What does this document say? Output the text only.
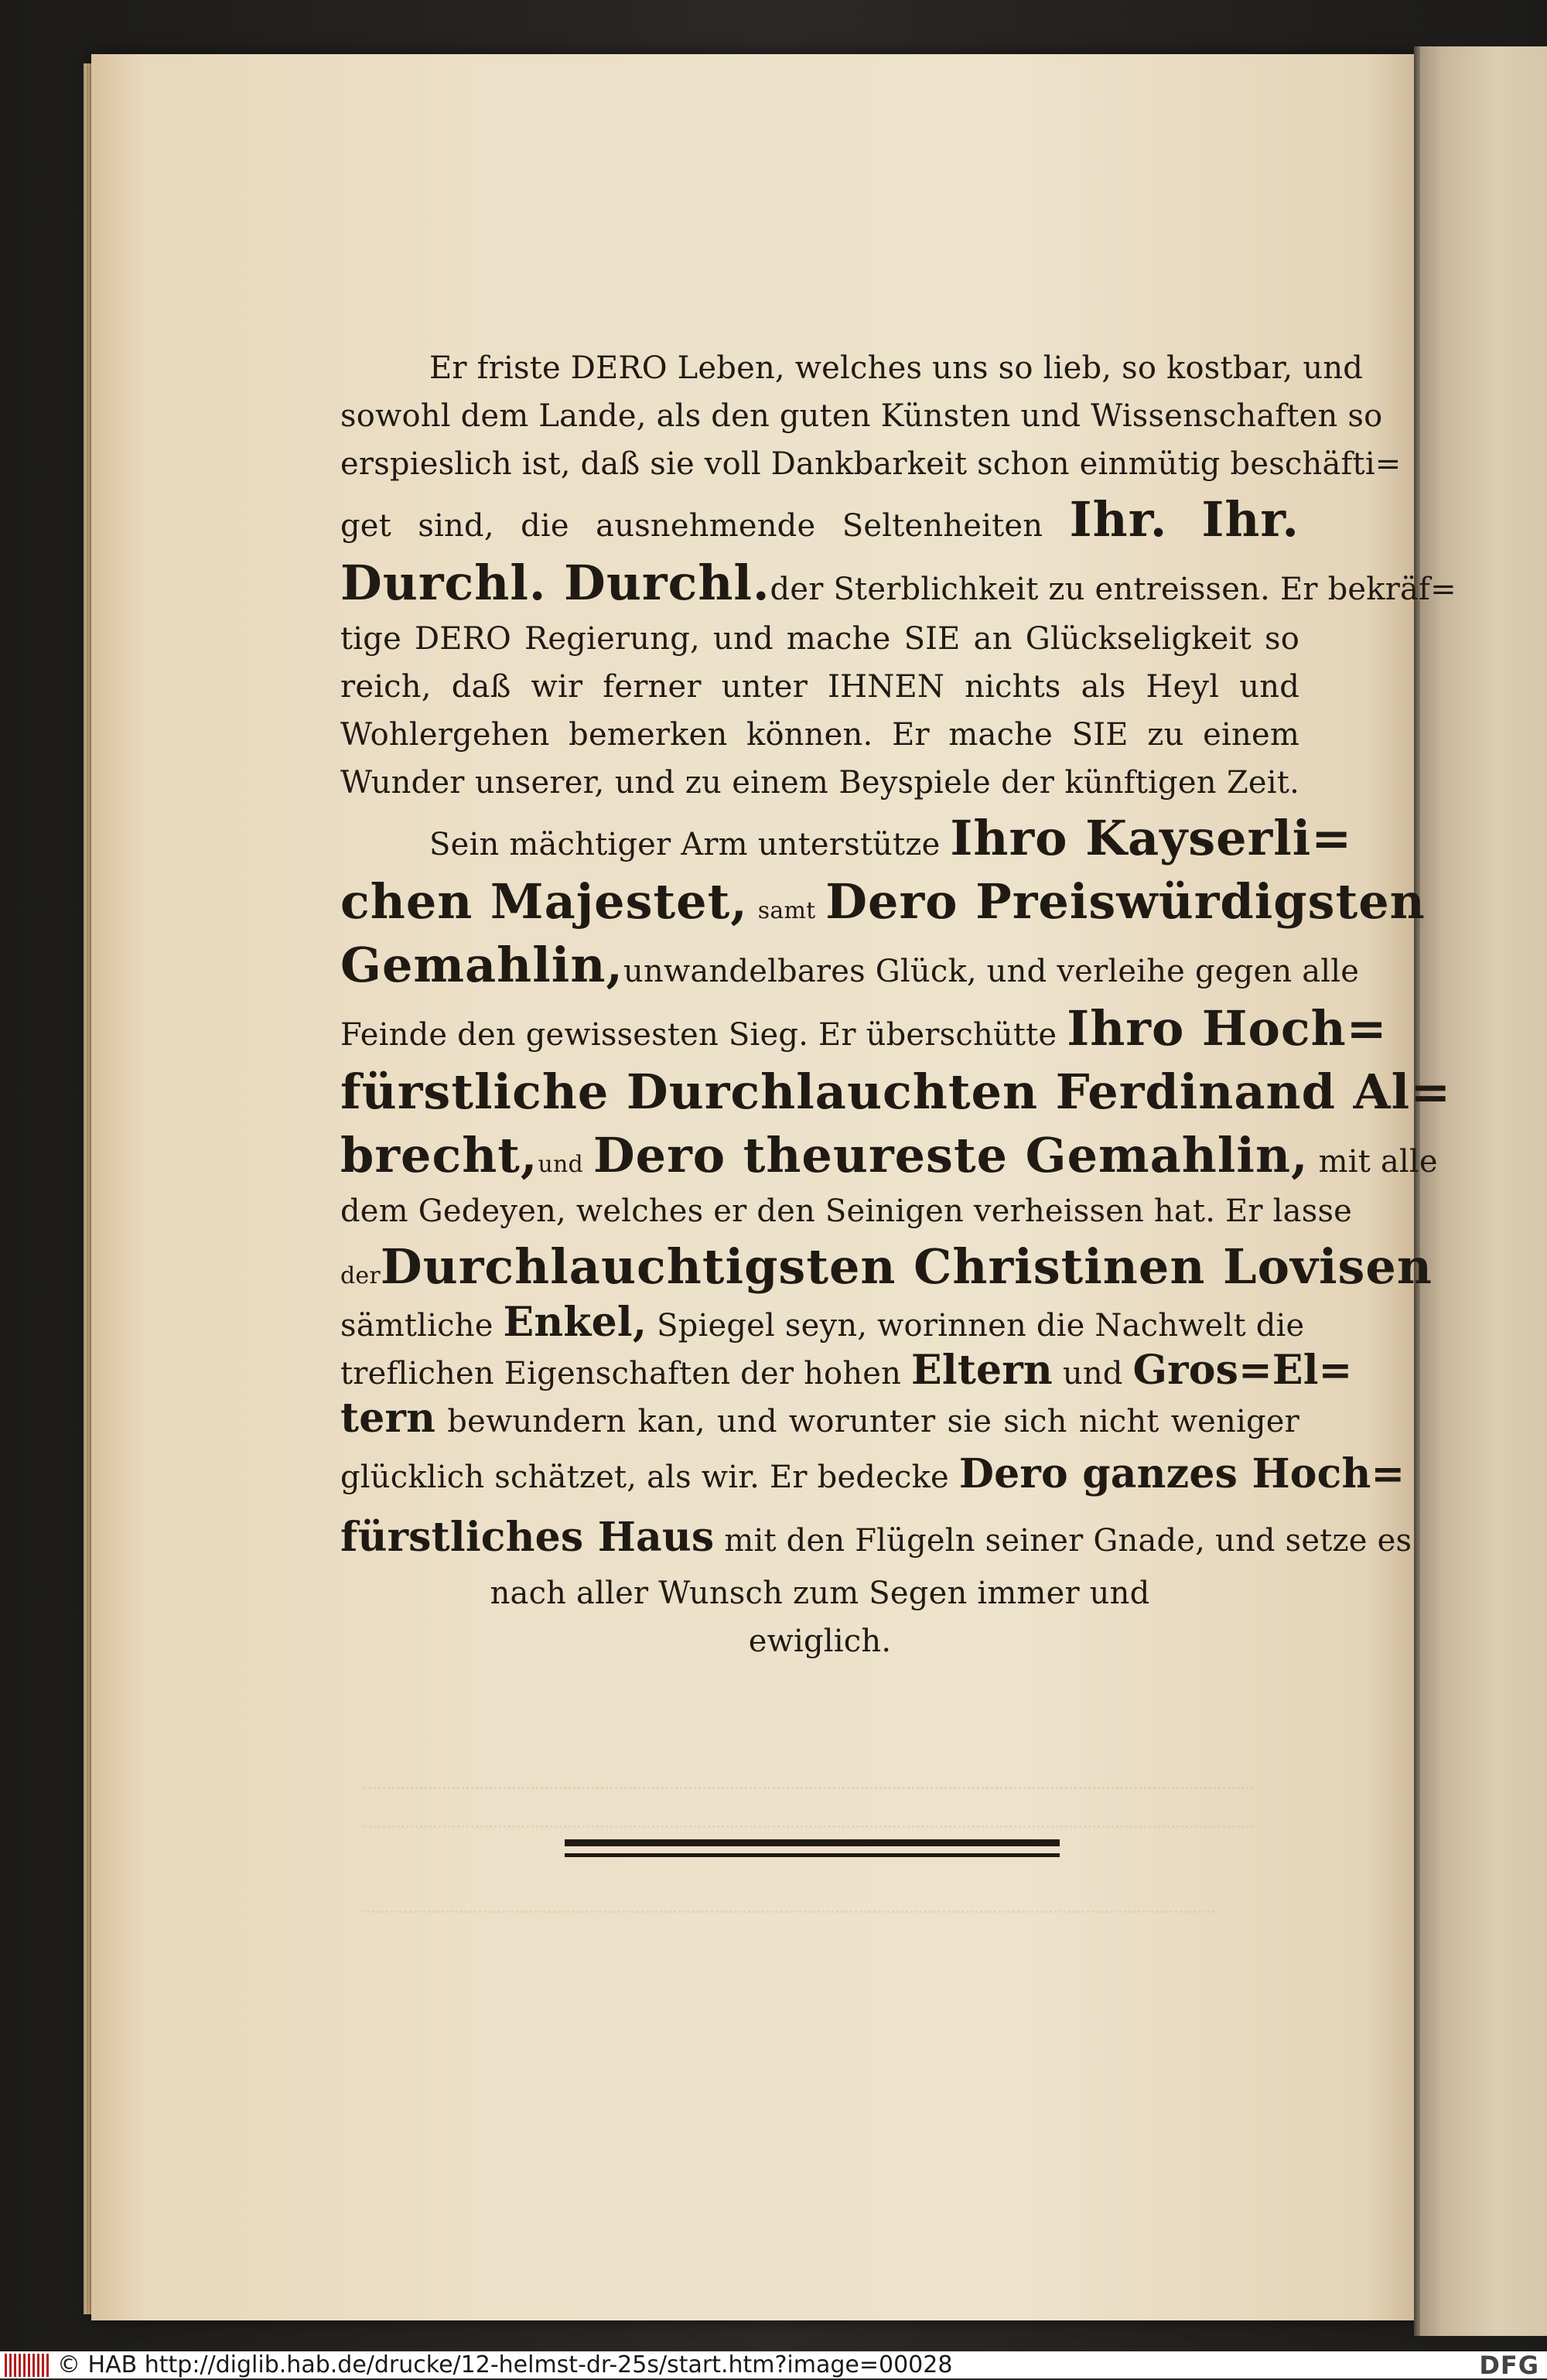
Er friste DERO Leben, welches uns so lieb, so kostbar, und
sowohl dem Lande, als den guten Künsten und Wissenschaften so
erspieslich ist, daß sie voll Dankbarkeit schon einmütig beschäfti=
get sind, die ausnehmende Seltenheiten Ihr. Ihr.
Durchl. Durchl.der Sterblichkeit zu entreissen. Er bekräf=
tige DERO Regierung, und mache SIE an Glückseligkeit so
reich, daß wir ferner unter IHNEN nichts als Heyl und
Wohlergehen bemerken können. Er mache SIE zu einem
Wunder unserer, und zu einem Beyspiele der künftigen Zeit.
Sein mächtiger Arm unterstütze Ihro Kayserli=
chen Majestet, samt Dero Preiswürdigsten
Gemahlin,unwandelbares Glück, und verleihe gegen alle
Feinde den gewissesten Sieg. Er überschütte Ihro Hoch=
fürstliche Durchlauchten Ferdinand Al=
brecht,und Dero theureste Gemahlin, mit alle
dem Gedeyen, welches er den Seinigen verheissen hat. Er lasse
derDurchlauchtigsten Christinen Lovisen
sämtliche Enkel, Spiegel seyn, worinnen die Nachwelt die
treflichen Eigenschaften der hohen Eltern und Gros=El=
tern bewundern kan, und worunter sie sich nicht weniger
glücklich schätzet, als wir. Er bedecke Dero ganzes Hoch=
fürstliches Haus mit den Flügeln seiner Gnade, und setze es
nach aller Wunsch zum Segen immer und
ewiglich.
© HAB http://diglib.hab.de/drucke/12-helmst-dr-25s/start.htm?image=00028	DFG
